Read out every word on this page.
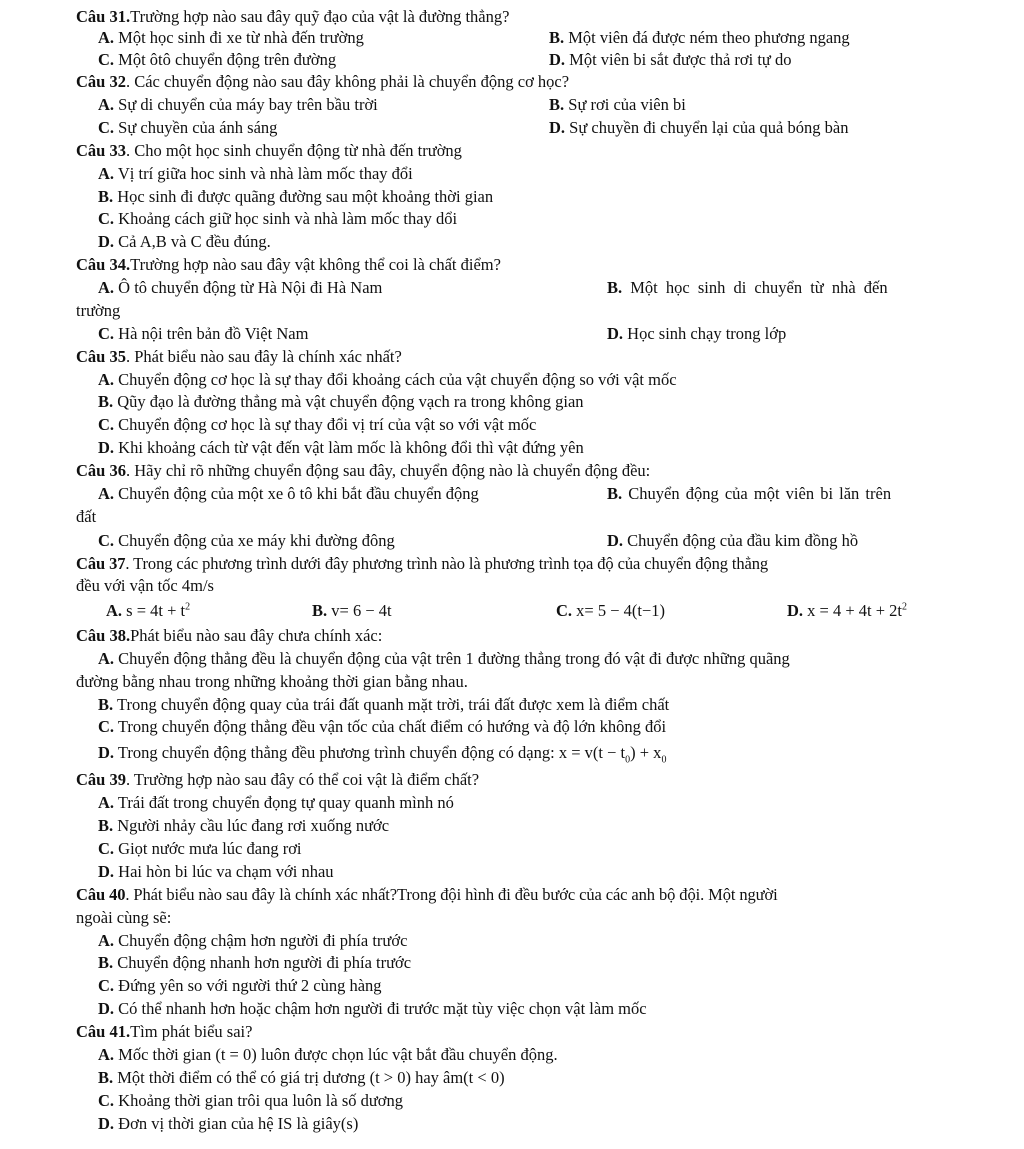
Câu 31.Trường hợp nào sau đây quỹ đạo của vật là đường thẳng?
A. Một học sinh đi xe từ nhà đến trường	B. Một viên đá được ném theo phương ngang
C. Một ôtô chuyển động trên đường	D. Một viên bi sắt được thả rơi tự do
Câu 32. Các chuyển động nào sau đây không phải là chuyển động cơ học?
A. Sự di chuyển của máy bay trên bầu trời	B. Sự rơi của viên bi
C. Sự chuyền của ánh sáng	D. Sự chuyền đi chuyển lại của quả bóng bàn
Câu 33. Cho một học sinh chuyển động từ nhà đến trường
A. Vị trí giữa hoc sinh và nhà làm mốc thay đổi
B. Học sinh đi được quãng đường sau một khoảng thời gian
C. Khoảng cách giữ học sinh và nhà làm mốc thay dổi
D. Cả A,B và C đều đúng.
Câu 34.Trường hợp nào sau đây vật không thể coi là chất điểm?
A. Ô tô chuyển động từ Hà Nội đi Hà Nam	B. Một học sinh di chuyển từ nhà đến
trường
C. Hà nội trên bản đồ Việt Nam	D. Học sinh chạy trong lớp
Câu 35. Phát biểu nào sau đây là chính xác nhất?
A. Chuyển động cơ học là sự thay đổi khoảng cách của vật chuyển động so với vật mốc
B. Qũy đạo là đường thẳng mà vật chuyển động vạch ra trong không gian
C. Chuyển động cơ học là sự thay đổi vị trí của vật so với vật mốc
D. Khi khoảng cách từ vật đến vật làm mốc là không đổi thì vật đứng yên
Câu 36. Hãy chỉ rõ những chuyển động sau đây, chuyển động nào là chuyển động đều:
A. Chuyển động của một xe ô tô khi bắt đầu chuyển động	B. Chuyển động của một viên bi lăn trên
đất
C. Chuyển động của xe máy khi đường đông	D. Chuyển động của đầu kim đồng hồ
Câu 37. Trong các phương trình dưới đây phương trình nào là phương trình tọa độ của chuyển động thẳng
đều với vận tốc 4m/s
A. $s = 4t + t^2$	B. v= 6 − 4t	C. x= 5 − 4(t−1)	D. $x = 4 + 4t + 2t^2$
Câu 38.Phát biểu nào sau đây chưa chính xác:
A. Chuyển động thẳng đều là chuyển động của vật trên 1 đường thẳng trong đó vật đi được những quãng
đường bằng nhau trong những khoảng thời gian bằng nhau.
B. Trong chuyển động quay của trái đất quanh mặt trời, trái đất được xem là điểm chất
C. Trong chuyển động thẳng đều vận tốc của chất điểm có hướng và độ lớn không đổi
D. Trong chuyển động thẳng đều phương trình chuyển động có dạng: $x = v(t - t_0) + x_0$
Câu 39. Trường hợp nào sau đây có thể coi vật là điểm chất?
A. Trái đất trong chuyển đọng tự quay quanh mình nó
B. Người nhảy cầu lúc đang rơi xuống nước
C. Giọt nước mưa lúc đang rơi
D. Hai hòn bi lúc va chạm với nhau
Câu 40. Phát biểu nào sau đây là chính xác nhất?Trong đội hình đi đều bước của các anh bộ đội. Một người
ngoài cùng sẽ:
A. Chuyển động chậm hơn người đi phía trước
B. Chuyển động nhanh hơn người đi phía trước
C. Đứng yên so với người thứ 2 cùng hàng
D. Có thể nhanh hơn hoặc chậm hơn người đi trước mặt tùy việc chọn vật làm mốc
Câu 41.Tìm phát biểu sai?
A. Mốc thời gian (t = 0) luôn được chọn lúc vật bắt đầu chuyển động.
B. Một thời điểm có thể có giá trị dương (t > 0) hay âm(t < 0)
C. Khoảng thời gian trôi qua luôn là số dương
D. Đơn vị thời gian của hệ IS là giây(s)
